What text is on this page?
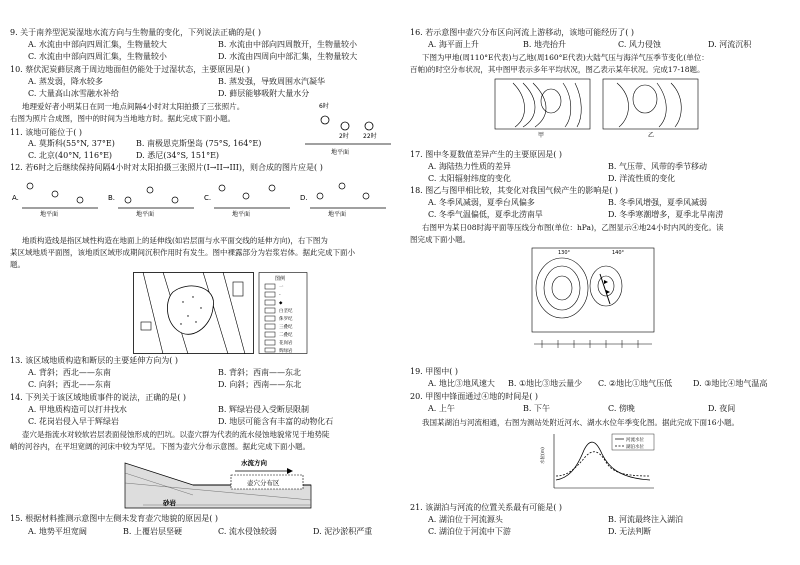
9. 关于南养型泥炭湿地水流方向与生物量的变化，下列说法正确的是( )
A. 水流由中部向四周汇集，生物量较大	B. 水流由中部向四周散开，生物量较小
C. 水流由中部向四周汇集，生物量较小	D. 水流由四周向中部汇集，生物量较大
10. 蔡伏泥炭藓层离于周边地面但仍能处于过湿状态，主要原因是( )
A. 蒸发弱，降水较多	B. 蒸发强，导致周围水汽凝华
C. 大量高山冰雪融水补给	D. 藓层能够吸附大量水分
地理爱好者小明某日在同一地点间隔4小时对太阳拍摄了三张照片。
右图为照片合成图，图中的时间为当地地方时。据此完成下面小题。
6时
2时 22时
地平面
11. 该地可能位于( )
A. 莫斯科(55°N, 37°E)	B. 南极恩克斯堡岛 (75°S, 164°E)
C. 北京(40°N, 116°E)	D. 悉尼(34°S, 151°E)
12. 若6时之后继续保持间隔4小时对太阳拍摄三张照片(I→II→III)，则合成的图片应是( )
A.	B.	C.	D.
地平面	地平面	地平面	地平面
地质构造线是指区域性构造在地面上的延伸线(如岩层面与水平面交线的延伸方向)，右下图为
某区域地质平面图，该地质区域形成期间沉积作用时有发生。图中裸露部分为岩浆岩体。据此完成下面小
题。
图例
一
-
◆
白垩纪
侏罗纪
三叠纪
二叠纪
花岗岩
辉绿岩
13. 该区域地质构造和断层的主要延伸方向为( )
A. 背斜；西北——东南	B. 背斜；西南——东北
C. 向斜；西北——东南	D. 向斜；西南——东北
14. 下列关于该区域地质事件的说法，正确的是( )
A. 甲地质构造可以打井找水	B. 辉绿岩侵入受断层限制
C. 花岗岩侵入早于辉绿岩	D. 地层可能含有丰富的动物化石
壶穴是指流水对较软岩层表面侵蚀形成的凹坑。以壶穴群为代表的流水侵蚀地貌常见于地势陡
峭的河谷内，在平坦宽阔的河床中较为罕见。下图为壶穴分布示意图。据此完成下面小题。
水流方向
壶穴分布区
砂岩
15. 根据材料推测示意图中左侧未发育壶穴地貌的原因是( )
A. 地势平坦宽阔	B. 上覆岩层坚硬	C. 流水侵蚀较弱	D. 泥沙淤积严重
16. 若示意图中壶穴分布区向河流上游移动，该地可能经历了( )
A. 海平面上升	B. 地壳抬升	C. 风力侵蚀	D. 河流沉积
下图为甲地(周110°E代表)与乙地(周160°E代表)大陆气压与海洋气压季节变化(单位：
百帕)的时空分布状况，其中图甲表示多年平均状况，图乙表示某年状况。完成17-18题。
甲	乙
17. 图中冬夏数值差异产生的主要原因是( )
A. 海陆热力性质的差异	B. 气压带、风带的季节移动
C. 太阳辐射纬度的变化	D. 洋流性质的变化
18. 图乙与图甲相比较，其变化对我国气候产生的影响是( )
A. 冬季风减弱，夏季台风偏多	B. 冬季风增强，夏季风减弱
C. 冬季气温偏低，夏季北涝南旱	D. 冬季寒潮增多，夏季北旱南涝
右图甲为某日08时海平面等压线分布图(单位：hPa)，乙图显示④地24小时内风的变化。读
图完成下面小题。
130°	140°
19. 甲图中( )
A. 地比③地风速大 B. ①地比③地云量少 C. ②地比①地气压低	D. ③地比④地气温高
20. 甲图中锋面通过④地的时间是( )
A. 上午	B. 下午	C. 傍晚	D. 夜间
我国某湖泊与河流相通，右图为测站处附近河水、湖水水位年季变化图。据此完成下面16小题。
水位(m)
河流水位
湖泊水位
21. 该湖泊与河流的位置关系最有可能是( )
A. 湖泊位于河流源头	B. 河流最终注入湖泊
C. 湖泊位于河流中下游	D. 无法判断
